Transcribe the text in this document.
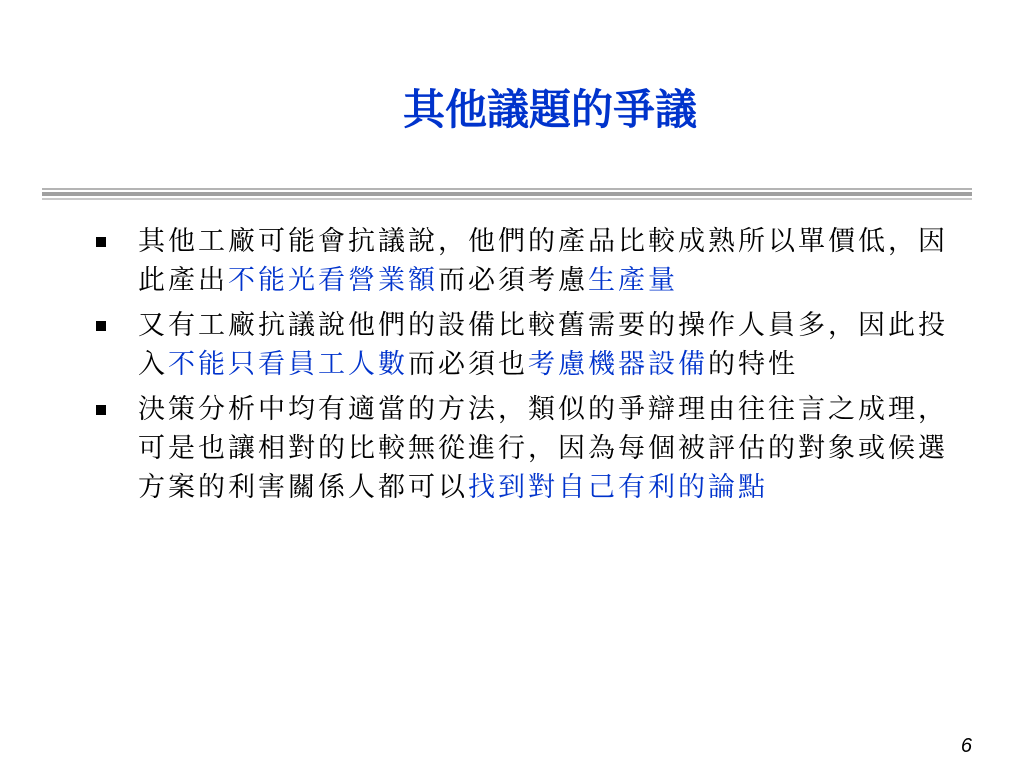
其他議題的爭議
其他工廠可能會抗議說，他們的產品比較成熟所以單價低，因此產出不能光看營業額而必須考慮生產量
又有工廠抗議說他們的設備比較舊需要的操作人員多，因此投入不能只看員工人數而必須也考慮機器設備的特性
決策分析中均有適當的方法，類似的爭辯理由往往言之成理，可是也讓相對的比較無從進行，因為每個被評估的對象或候選方案的利害關係人都可以找到對自己有利的論點
6
